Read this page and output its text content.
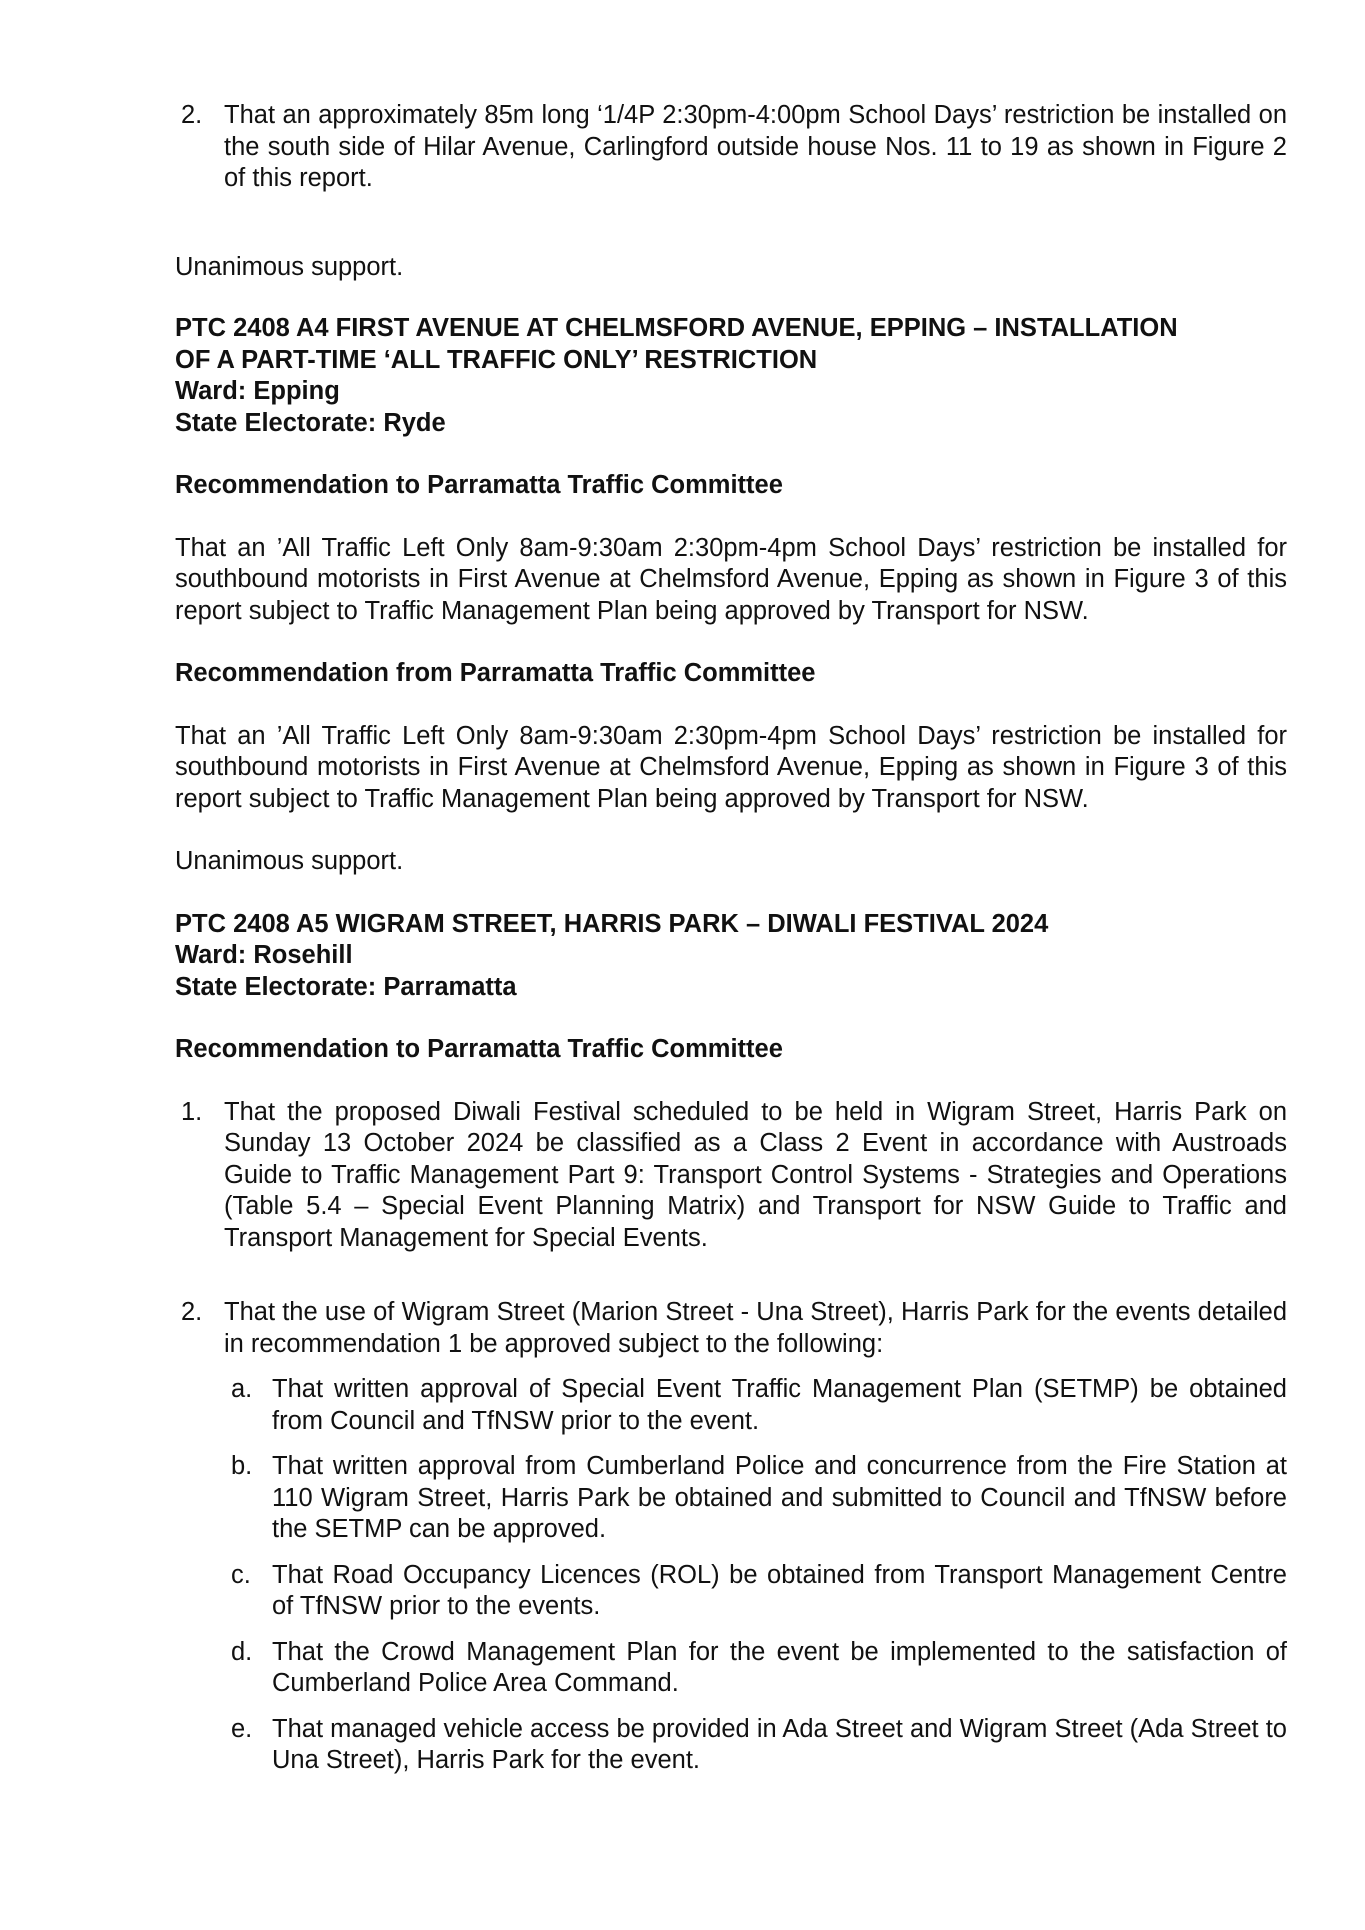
2. That an approximately 85m long ‘1/4P 2:30pm-4:00pm School Days’ restriction be installed on the south side of Hilar Avenue, Carlingford outside house Nos. 11 to 19 as shown in Figure 2 of this report.

Unanimous support.

PTC 2408 A4 FIRST AVENUE AT CHELMSFORD AVENUE, EPPING – INSTALLATION

OF A PART-TIME ‘ALL TRAFFIC ONLY’ RESTRICTION

Ward: Epping

State Electorate: Ryde

Recommendation to Parramatta Traffic Committee

That an ’All Traffic Left Only 8am-9:30am 2:30pm-4pm School Days’ restriction be installed for southbound motorists in First Avenue at Chelmsford Avenue, Epping as shown in Figure 3 of this report subject to Traffic Management Plan being approved by Transport for NSW.

Recommendation from Parramatta Traffic Committee

That an ’All Traffic Left Only 8am-9:30am 2:30pm-4pm School Days’ restriction be installed for southbound motorists in First Avenue at Chelmsford Avenue, Epping as shown in Figure 3 of this report subject to Traffic Management Plan being approved by Transport for NSW.

Unanimous support.

PTC 2408 A5 WIGRAM STREET, HARRIS PARK – DIWALI FESTIVAL 2024

Ward: Rosehill

State Electorate: Parramatta

Recommendation to Parramatta Traffic Committee

1. That the proposed Diwali Festival scheduled to be held in Wigram Street, Harris Park on Sunday 13 October 2024 be classified as a Class 2 Event in accordance with Austroads Guide to Traffic Management Part 9: Transport Control Systems - Strategies and Operations (Table 5.4 – Special Event Planning Matrix) and Transport for NSW Guide to Traffic and Transport Management for Special Events.
2. That the use of Wigram Street (Marion Street - Una Street), Harris Park for the events detailed in recommendation 1 be approved subject to the following:
a. That written approval of Special Event Traffic Management Plan (SETMP) be obtained from Council and TfNSW prior to the event.
b. That written approval from Cumberland Police and concurrence from the Fire Station at 110 Wigram Street, Harris Park be obtained and submitted to Council and TfNSW before the SETMP can be approved.
c. That Road Occupancy Licences (ROL) be obtained from Transport Management Centre of TfNSW prior to the events.
d. That the Crowd Management Plan for the event be implemented to the satisfaction of Cumberland Police Area Command.
e. That managed vehicle access be provided in Ada Street and Wigram Street (Ada Street to Una Street), Harris Park for the event.
